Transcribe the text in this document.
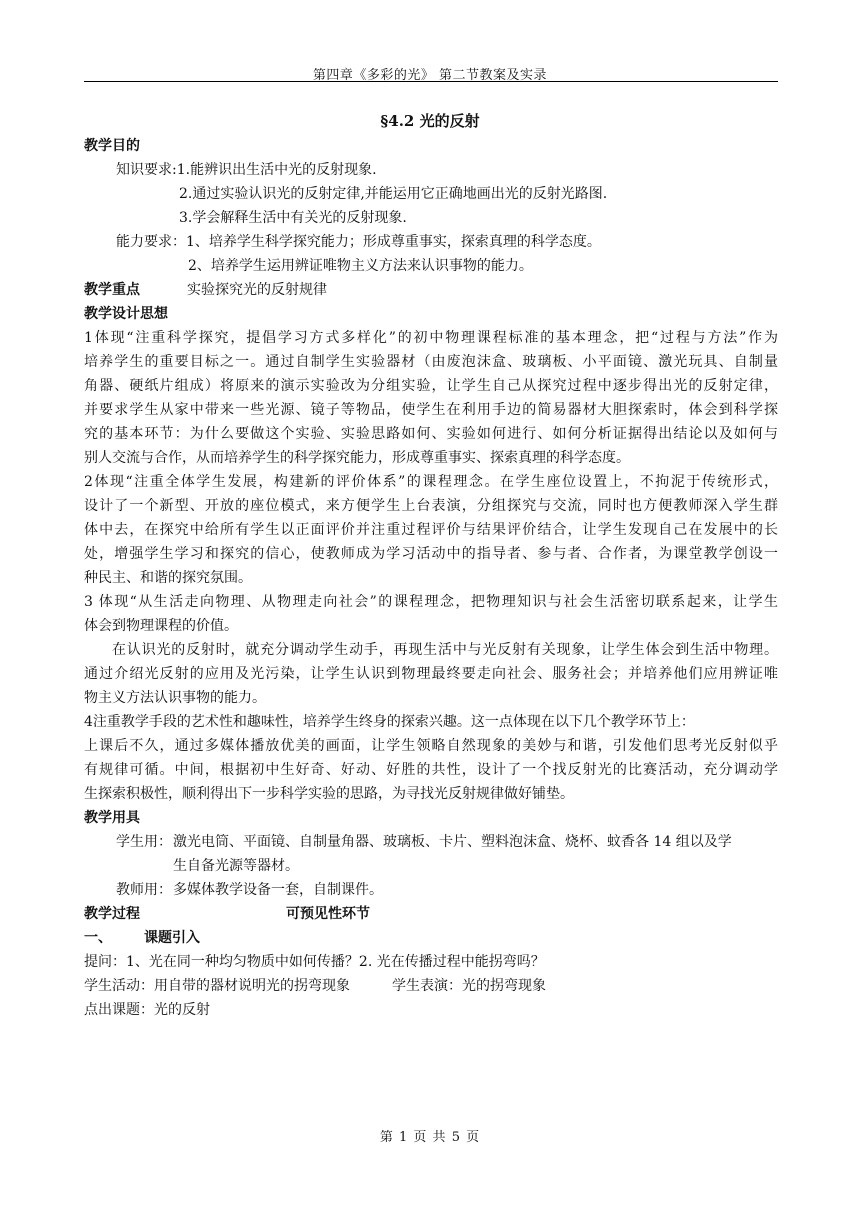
第四章《多彩的光》 第二节教案及实录
§4.2 光的反射
教学目的
知识要求:1.能辨识出生活中光的反射现象.
2.通过实验认识光的反射定律,并能运用它正确地画出光的反射光路图.
3.学会解释生活中有关光的反射现象.
能力要求：1、培养学生科学探究能力；形成尊重事实，探索真理的科学态度。
2、培养学生运用辨证唯物主义方法来认识事物的能力。
教学重点	实验探究光的反射规律
教学设计思想
1体现“注重科学探究，提倡学习方式多样化”的初中物理课程标准的基本理念，把“过程与方法”作为
培养学生的重要目标之一。通过自制学生实验器材（由废泡沫盒、玻璃板、小平面镜、激光玩具、自制量
角器、硬纸片组成）将原来的演示实验改为分组实验，让学生自己从探究过程中逐步得出光的反射定律，
并要求学生从家中带来一些光源、镜子等物品，使学生在利用手边的简易器材大胆探索时，体会到科学探
究的基本环节：为什么要做这个实验、实验思路如何、实验如何进行、如何分析证据得出结论以及如何与
别人交流与合作，从而培养学生的科学探究能力，形成尊重事实、探索真理的科学态度。
2体现“注重全体学生发展，构建新的评价体系”的课程理念。在学生座位设置上，不拘泥于传统形式，
设计了一个新型、开放的座位模式，来方便学生上台表演，分组探究与交流，同时也方便教师深入学生群
体中去，在探究中给所有学生以正面评价并注重过程评价与结果评价结合，让学生发现自己在发展中的长
处，增强学生学习和探究的信心，使教师成为学习活动中的指导者、参与者、合作者，为课堂教学创设一
种民主、和谐的探究氛围。
3 体现“从生活走向物理、从物理走向社会”的课程理念，把物理知识与社会生活密切联系起来，让学生
体会到物理课程的价值。
在认识光的反射时，就充分调动学生动手，再现生活中与光反射有关现象，让学生体会到生活中物理。
通过介绍光反射的应用及光污染，让学生认识到物理最终要走向社会、服务社会；并培养他们应用辨证唯
物主义方法认识事物的能力。
4注重教学手段的艺术性和趣味性，培养学生终身的探索兴趣。这一点体现在以下几个教学环节上：
上课后不久，通过多媒体播放优美的画面，让学生领略自然现象的美妙与和谐，引发他们思考光反射似乎
有规律可循。中间，根据初中生好奇、好动、好胜的共性，设计了一个找反射光的比赛活动，充分调动学
生探索积极性，顺利得出下一步科学实验的思路，为寻找光反射规律做好铺垫。
教学用具
学生用：激光电筒、平面镜、自制量角器、玻璃板、卡片、塑料泡沫盒、烧杯、蚊香各 14 组以及学
生自备光源等器材。
教师用：多媒体教学设备一套，自制课件。
教学过程	可预见性环节
一、 课题引入
提问：1、光在同一种均匀物质中如何传播？2. 光在传播过程中能拐弯吗？
学生活动：用自带的器材说明光的拐弯现象	学生表演：光的拐弯现象
点出课题：光的反射
第 1 页 共 5 页
